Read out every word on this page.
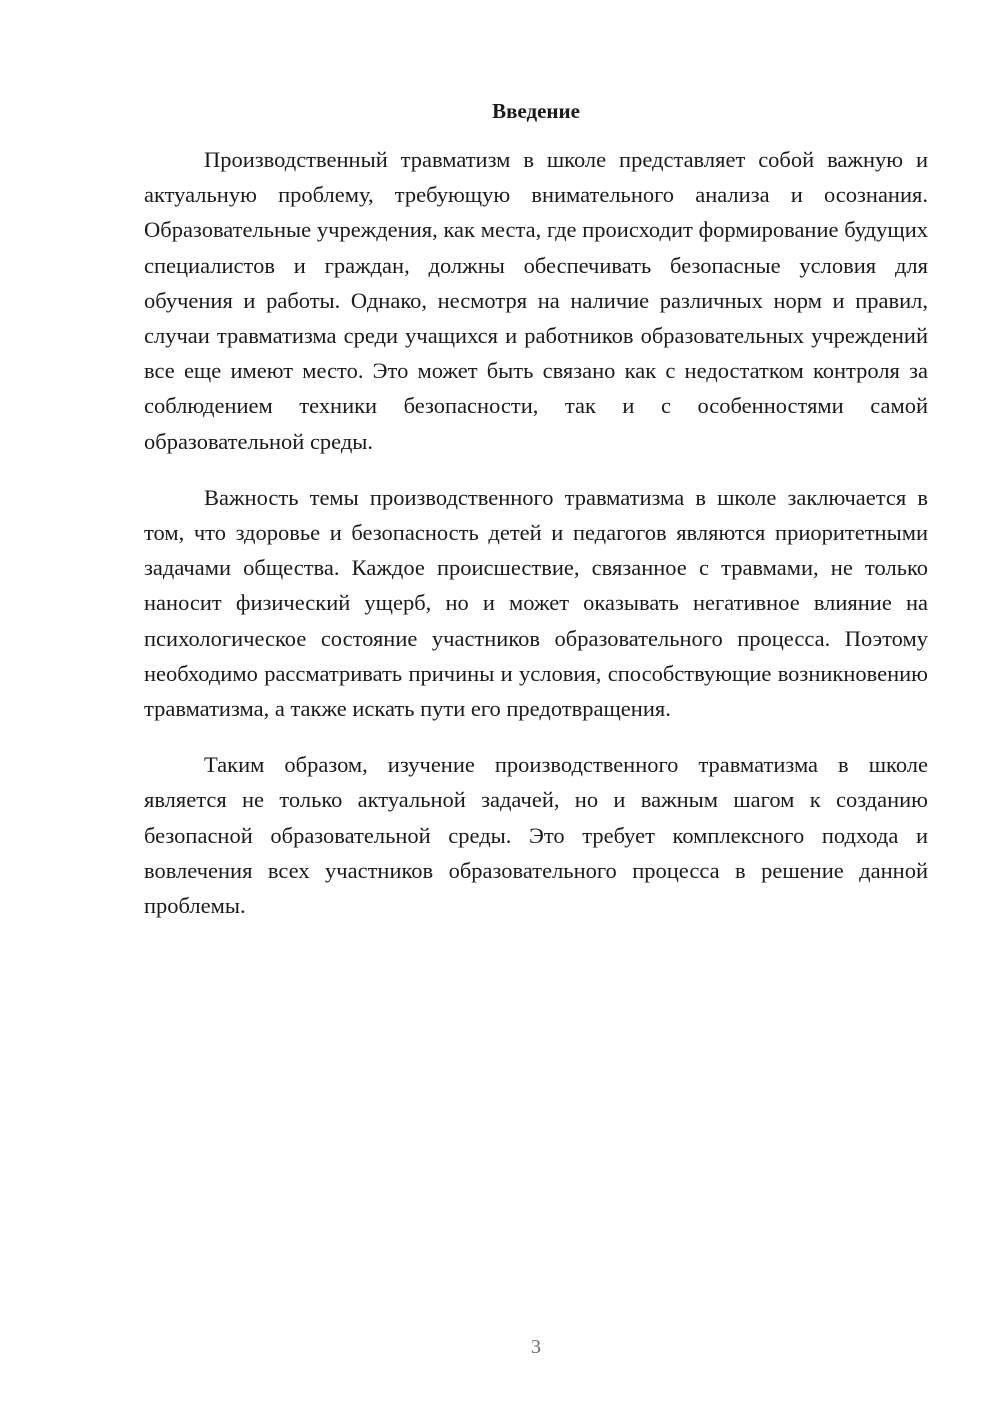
Введение

Производственный травматизм в школе представляет собой важную и актуальную проблему, требующую внимательного анализа и осознания. Образовательные учреждения, как места, где происходит формирование будущих специалистов и граждан, должны обеспечивать безопасные условия для обучения и работы. Однако, несмотря на наличие различных норм и правил, случаи травматизма среди учащихся и работников образовательных учреждений все еще имеют место. Это может быть связано как с недостатком контроля за соблюдением техники безопасности, так и с особенностями самой образовательной среды.

Важность темы производственного травматизма в школе заключается в том, что здоровье и безопасность детей и педагогов являются приоритетными задачами общества. Каждое происшествие, связанное с травмами, не только наносит физический ущерб, но и может оказывать негативное влияние на психологическое состояние участников образовательного процесса. Поэтому необходимо рассматривать причины и условия, способствующие возникновению травматизма, а также искать пути его предотвращения.

Таким образом, изучение производственного травматизма в школе является не только актуальной задачей, но и важным шагом к созданию безопасной образовательной среды. Это требует комплексного подхода и вовлечения всех участников образовательного процесса в решение данной проблемы.

3
